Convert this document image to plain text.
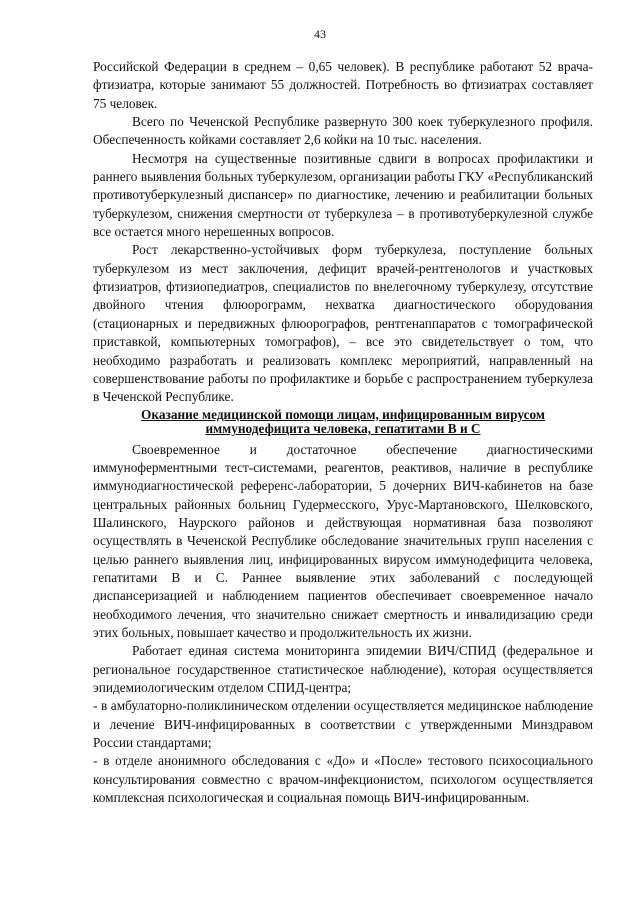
43

Российской Федерации в среднем – 0,65 человек). В республике работают 52 врача-фтизиатра, которые занимают 55 должностей. Потребность во фтизиатрах составляет 75 человек.

Всего по Чеченской Республике развернуто 300 коек туберкулезного профиля. Обеспеченность койками составляет 2,6 койки на 10 тыс. населения.

Несмотря на существенные позитивные сдвиги в вопросах профилактики и раннего выявления больных туберкулезом, организации работы ГКУ «Республиканский противотуберкулезный диспансер» по диагностике, лечению и реабилитации больных туберкулезом, снижения смертности от туберкулеза – в противотуберкулезной службе все остается много нерешенных вопросов.

Рост лекарственно-устойчивых форм туберкулеза, поступление больных туберкулезом из мест заключения, дефицит врачей-рентгенологов и участковых фтизиатров, фтизиопедиатров, специалистов по внелегочному туберкулезу, отсутствие двойного чтения флюорограмм, нехватка диагностического оборудования (стационарных и передвижных флюорографов, рентгенаппаратов с томографической приставкой, компьютерных томографов), – все это свидетельствует о том, что необходимо разработать и реализовать комплекс мероприятий, направленный на совершенствование работы по профилактике и борьбе с распространением туберкулеза в Чеченской Республике.

Оказание медицинской помощи лицам, инфицированным вирусом

иммунодефицита человека, гепатитами В и С

Своевременное и достаточное обеспечение диагностическими иммуноферментными тест-системами, реагентов, реактивов, наличие в республике иммунодиагностической референс-лаборатории, 5 дочерних ВИЧ-кабинетов на базе центральных районных больниц Гудермесского, Урус-Мартановского, Шелковского, Шалинского, Наурского районов и действующая нормативная база позволяют осуществлять в Чеченской Республике обследование значительных групп населения с целью раннего выявления лиц, инфицированных вирусом иммунодефицита человека, гепатитами В и С. Раннее выявление этих заболеваний с последующей диспансеризацией и наблюдением пациентов обеспечивает своевременное начало необходимого лечения, что значительно снижает смертность и инвалидизацию среди этих больных, повышает качество и продолжительность их жизни.

Работает единая система мониторинга эпидемии ВИЧ/СПИД (федеральное и региональное государственное статистическое наблюдение), которая осуществляется эпидемиологическим отделом СПИД-центра;

- в амбулаторно-поликлиническом отделении осуществляется медицинское наблюдение и лечение ВИЧ-инфицированных в соответствии с утвержденными Минздравом России стандартами;

- в отделе анонимного обследования с «До» и «После» тестового психосоциального консультирования совместно с врачом-инфекционистом, психологом осуществляется комплексная психологическая и социальная помощь ВИЧ-инфицированным.
